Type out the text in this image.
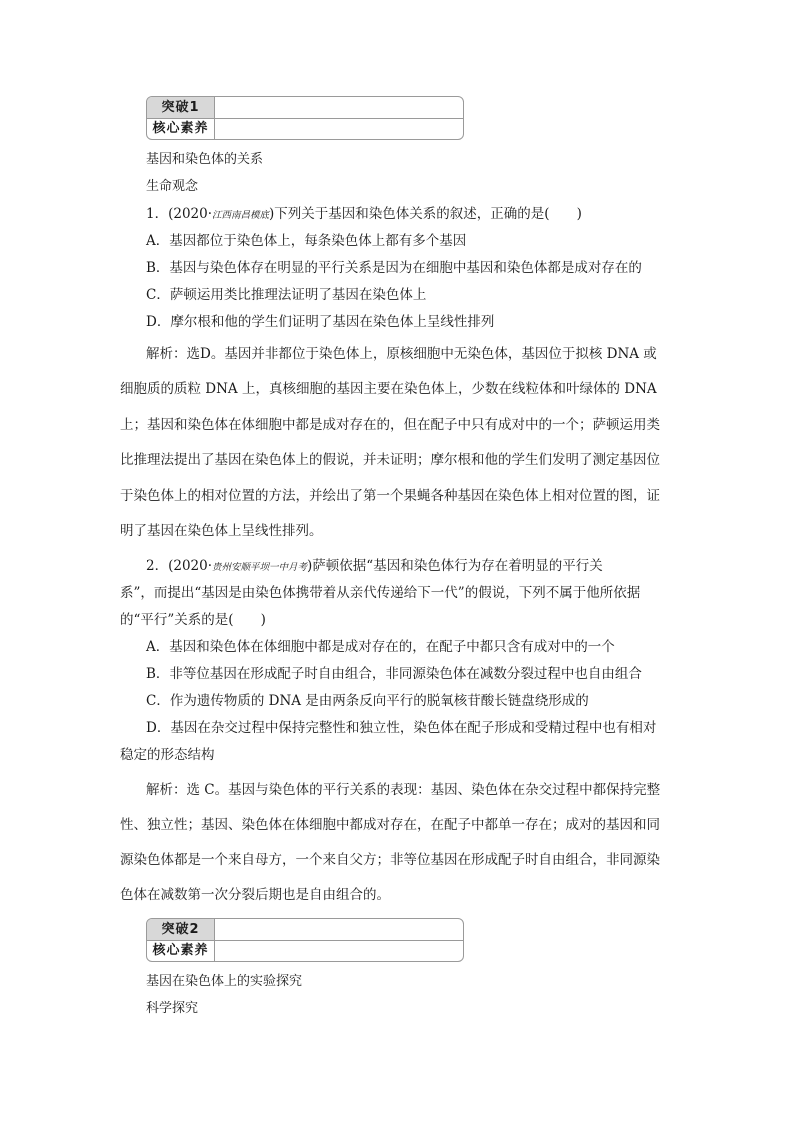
突破1
核心素养
基因和染色体的关系
生命观念
1．(2020·江西南昌模底)下列关于基因和染色体关系的叙述，正确的是(　　)
A．基因都位于染色体上，每条染色体上都有多个基因
B．基因与染色体存在明显的平行关系是因为在细胞中基因和染色体都是成对存在的
C．萨顿运用类比推理法证明了基因在染色体上
D．摩尔根和他的学生们证明了基因在染色体上呈线性排列
解析：选D。基因并非都位于染色体上，原核细胞中无染色体，基因位于拟核 DNA 或
细胞质的质粒 DNA 上，真核细胞的基因主要在染色体上，少数在线粒体和叶绿体的 DNA
上；基因和染色体在体细胞中都是成对存在的，但在配子中只有成对中的一个；萨顿运用类
比推理法提出了基因在染色体上的假说，并未证明；摩尔根和他的学生们发明了测定基因位
于染色体上的相对位置的方法，并绘出了第一个果蝇各种基因在染色体上相对位置的图，证
明了基因在染色体上呈线性排列。
2．(2020·贵州安顺平坝一中月考)萨顿依据“基因和染色体行为存在着明显的平行关
系”，而提出“基因是由染色体携带着从亲代传递给下一代”的假说，下列不属于他所依据
的“平行”关系的是(　　)
A．基因和染色体在体细胞中都是成对存在的，在配子中都只含有成对中的一个
B．非等位基因在形成配子时自由组合，非同源染色体在减数分裂过程中也自由组合
C．作为遗传物质的 DNA 是由两条反向平行的脱氧核苷酸长链盘绕形成的
D．基因在杂交过程中保持完整性和独立性，染色体在配子形成和受精过程中也有相对
稳定的形态结构
解析：选 C。基因与染色体的平行关系的表现：基因、染色体在杂交过程中都保持完整
性、独立性；基因、染色体在体细胞中都成对存在，在配子中都单一存在；成对的基因和同
源染色体都是一个来自母方，一个来自父方；非等位基因在形成配子时自由组合，非同源染
色体在减数第一次分裂后期也是自由组合的。
突破2
核心素养
基因在染色体上的实验探究
科学探究
